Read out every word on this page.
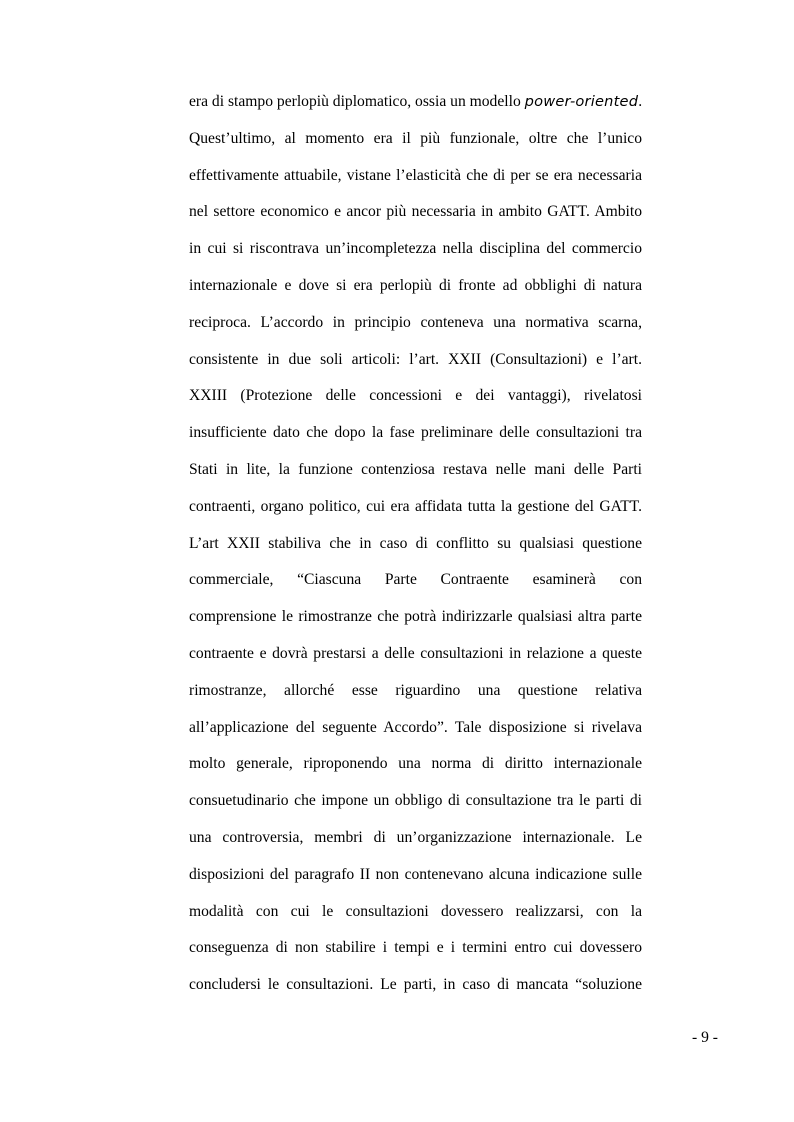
era di stampo perlopiù diplomatico, ossia un modello power-oriented.
Quest’ultimo, al momento era il più funzionale, oltre che l’unico
effettivamente attuabile, vistane l’elasticità che di per se era necessaria
nel settore economico e ancor più necessaria in ambito GATT. Ambito
in cui si riscontrava un’incompletezza nella disciplina del commercio
internazionale e dove si era perlopiù di fronte ad obblighi di natura
reciproca. L’accordo in principio conteneva una normativa scarna,
consistente in due soli articoli: l’art. XXII (Consultazioni) e l’art.
XXIII (Protezione delle concessioni e dei vantaggi), rivelatosi
insufficiente dato che dopo la fase preliminare delle consultazioni tra
Stati in lite, la funzione contenziosa restava nelle mani delle Parti
contraenti, organo politico, cui era affidata tutta la gestione del GATT.
L’art XXII stabiliva che in caso di conflitto su qualsiasi questione
commerciale, “Ciascuna Parte Contraente esaminerà con
comprensione le rimostranze che potrà indirizzarle qualsiasi altra parte
contraente e dovrà prestarsi a delle consultazioni in relazione a queste
rimostranze, allorché esse riguardino una questione relativa
all’applicazione del seguente Accordo”. Tale disposizione si rivelava
molto generale, riproponendo una norma di diritto internazionale
consuetudinario che impone un obbligo di consultazione tra le parti di
una controversia, membri di un’organizzazione internazionale. Le
disposizioni del paragrafo II non contenevano alcuna indicazione sulle
modalità con cui le consultazioni dovessero realizzarsi, con la
conseguenza di non stabilire i tempi e i termini entro cui dovessero
concludersi le consultazioni. Le parti, in caso di mancata “soluzione
- 9 -
